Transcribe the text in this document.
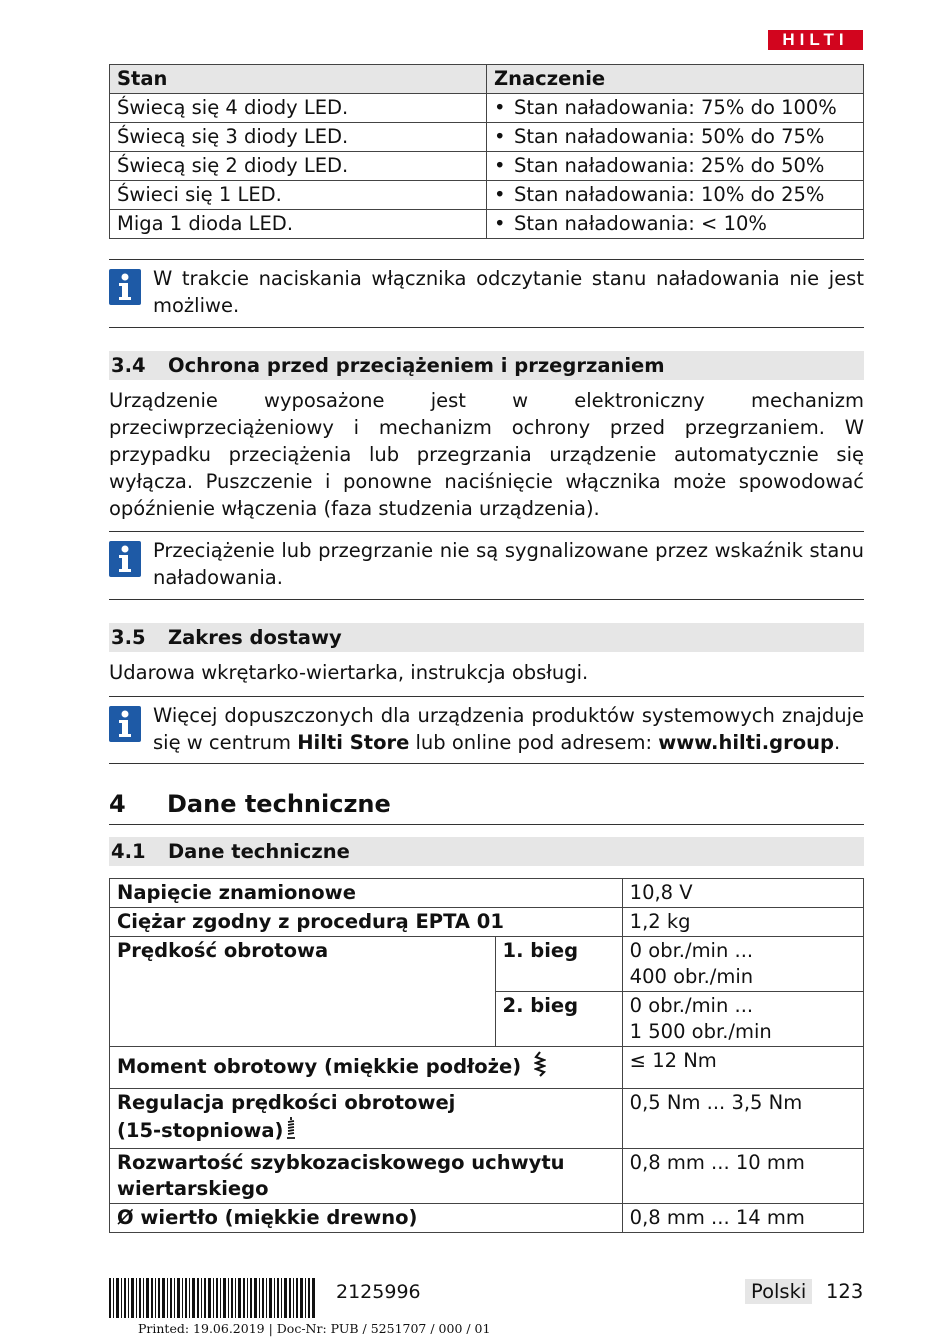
HILTI
Stan	Znaczenie
Świecą się 4 diody LED.	• Stan naładowania: 75% do 100%
Świecą się 3 diody LED.	• Stan naładowania: 50% do 75%
Świecą się 2 diody LED.	• Stan naładowania: 25% do 50%
Świeci się 1 LED.	• Stan naładowania: 10% do 25%
Miga 1 dioda LED.	• Stan naładowania: < 10%
W trakcie naciskania włącznika odczytanie stanu naładowania nie jest możliwe.
3.4 Ochrona przed przeciążeniem i przegrzaniem
Urządzenie wyposażone jest w elektroniczny mechanizm przeciwprzeciążeniowy i mechanizm ochrony przed przegrzaniem. W przypadku przeciążenia lub przegrzania urządzenie automatycznie się wyłącza. Puszczenie i ponowne naciśnięcie włącznika może spowodować opóźnienie włączenia (faza studzenia urządzenia).
Przeciążenie lub przegrzanie nie są sygnalizowane przez wskaźnik stanu naładowania.
3.5 Zakres dostawy
Udarowa wkrętarko-wiertarka, instrukcja obsługi.
Więcej dopuszczonych dla urządzenia produktów systemowych znajduje się w centrum Hilti Store lub online pod adresem: www.hilti.group.
4 Dane techniczne
4.1 Dane techniczne
Napięcie znamionowe		10,8 V
Ciężar zgodny z procedurą EPTA 01		1,2 kg
Prędkość obrotowa	1. bieg	0 obr./min ...
400 obr./min

	2. bieg	0 obr./min ...
1 500 obr./min

Moment obrotowy (miękkie podłoże)		≤ 12 Nm

Regulacja prędkości obrotowej
(15-stopniowa)		0,5 Nm ... 3,5 Nm
Rozwartość szybkozaciskowego uchwytu wiertarskiego		0,8 mm ... 10 mm
Ø wiertło (miękkie drewno)		0,8 mm ... 14 mm
2125996	Polski	123
Printed: 19.06.2019 | Doc-Nr: PUB / 5251707 / 000 / 01
